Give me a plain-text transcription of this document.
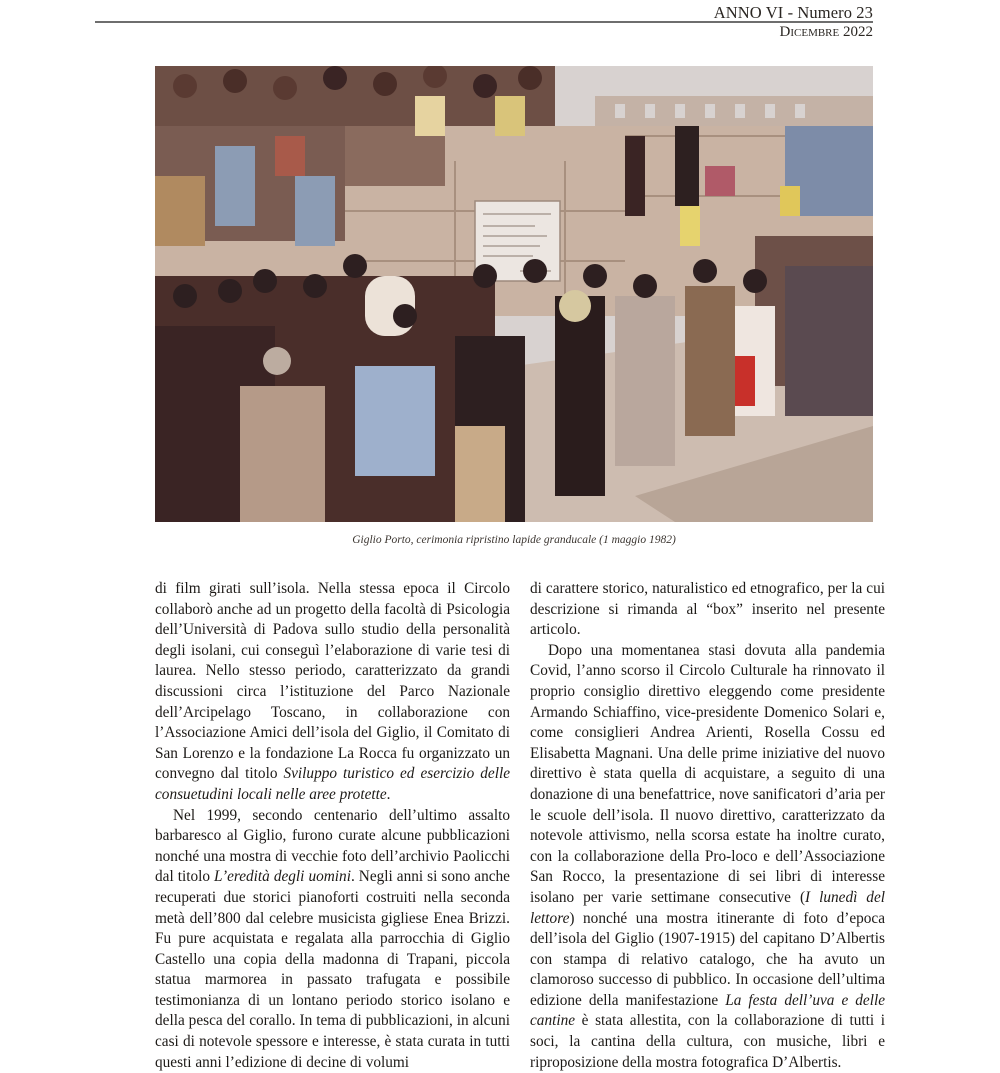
ANNO VI - Numero 23
Dicembre 2022
Giglio Porto, cerimonia ripristino lapide granducale (1 maggio 1982)

di film girati sull’isola. Nella stessa epoca il Circolo collaborò anche ad un progetto della facoltà di Psicologia dell’Università di Padova sullo studio della personalità degli isolani, cui conseguì l’elaborazione di varie tesi di laurea. Nello stesso periodo, caratterizzato da grandi discussioni circa l’istituzione del Parco Nazionale dell’Arcipelago Toscano, in collaborazione con l’Associazione Amici dell’isola del Giglio, il Comitato di San Lorenzo e la fondazione La Rocca fu organizzato un convegno dal titolo Sviluppo turistico ed esercizio delle consuetudini locali nelle aree protette.

Nel 1999, secondo centenario dell’ultimo assalto barbaresco al Giglio, furono curate alcune pubblicazioni nonché una mostra di vecchie foto dell’archivio Paolicchi dal titolo L’eredità degli uomini. Negli anni si sono anche recuperati due storici pianoforti costruiti nella seconda metà dell’800 dal celebre musicista gigliese Enea Brizzi. Fu pure acquistata e regalata alla parrocchia di Giglio Castello una copia della madonna di Trapani, piccola statua marmorea in passato trafugata e possibile testimonianza di un lontano periodo storico isolano e della pesca del corallo. In tema di pubblicazioni, in alcuni casi di notevole spessore e interesse, è stata curata in tutti questi anni l’edizione di decine di volumi

di carattere storico, naturalistico ed etnografico, per la cui descrizione si rimanda al “box” inserito nel presente articolo.

Dopo una momentanea stasi dovuta alla pandemia Covid, l’anno scorso il Circolo Culturale ha rinnovato il proprio consiglio direttivo eleggendo come presidente Armando Schiaffino, vice-presidente Domenico Solari e, come consiglieri Andrea Arienti, Rosella Cossu ed Elisabetta Magnani. Una delle prime iniziative del nuovo direttivo è stata quella di acquistare, a seguito di una donazione di una benefattrice, nove sanificatori d’aria per le scuole dell’isola. Il nuovo direttivo, caratterizzato da notevole attivismo, nella scorsa estate ha inoltre curato, con la collaborazione della Pro-loco e dell’Associazione San Rocco, la presentazione di sei libri di interesse isolano per varie settimane consecutive (I lunedì del lettore) nonché una mostra itinerante di foto d’epoca dell’isola del Giglio (1907-1915) del capitano D’Albertis con stampa di relativo catalogo, che ha avuto un clamoroso successo di pubblico. In occasione dell’ultima edizione della manifestazione La festa dell’uva e delle cantine è stata allestita, con la collaborazione di tutti i soci, la cantina della cultura, con musiche, libri e riproposizione della mostra fotografica D’Albertis.
